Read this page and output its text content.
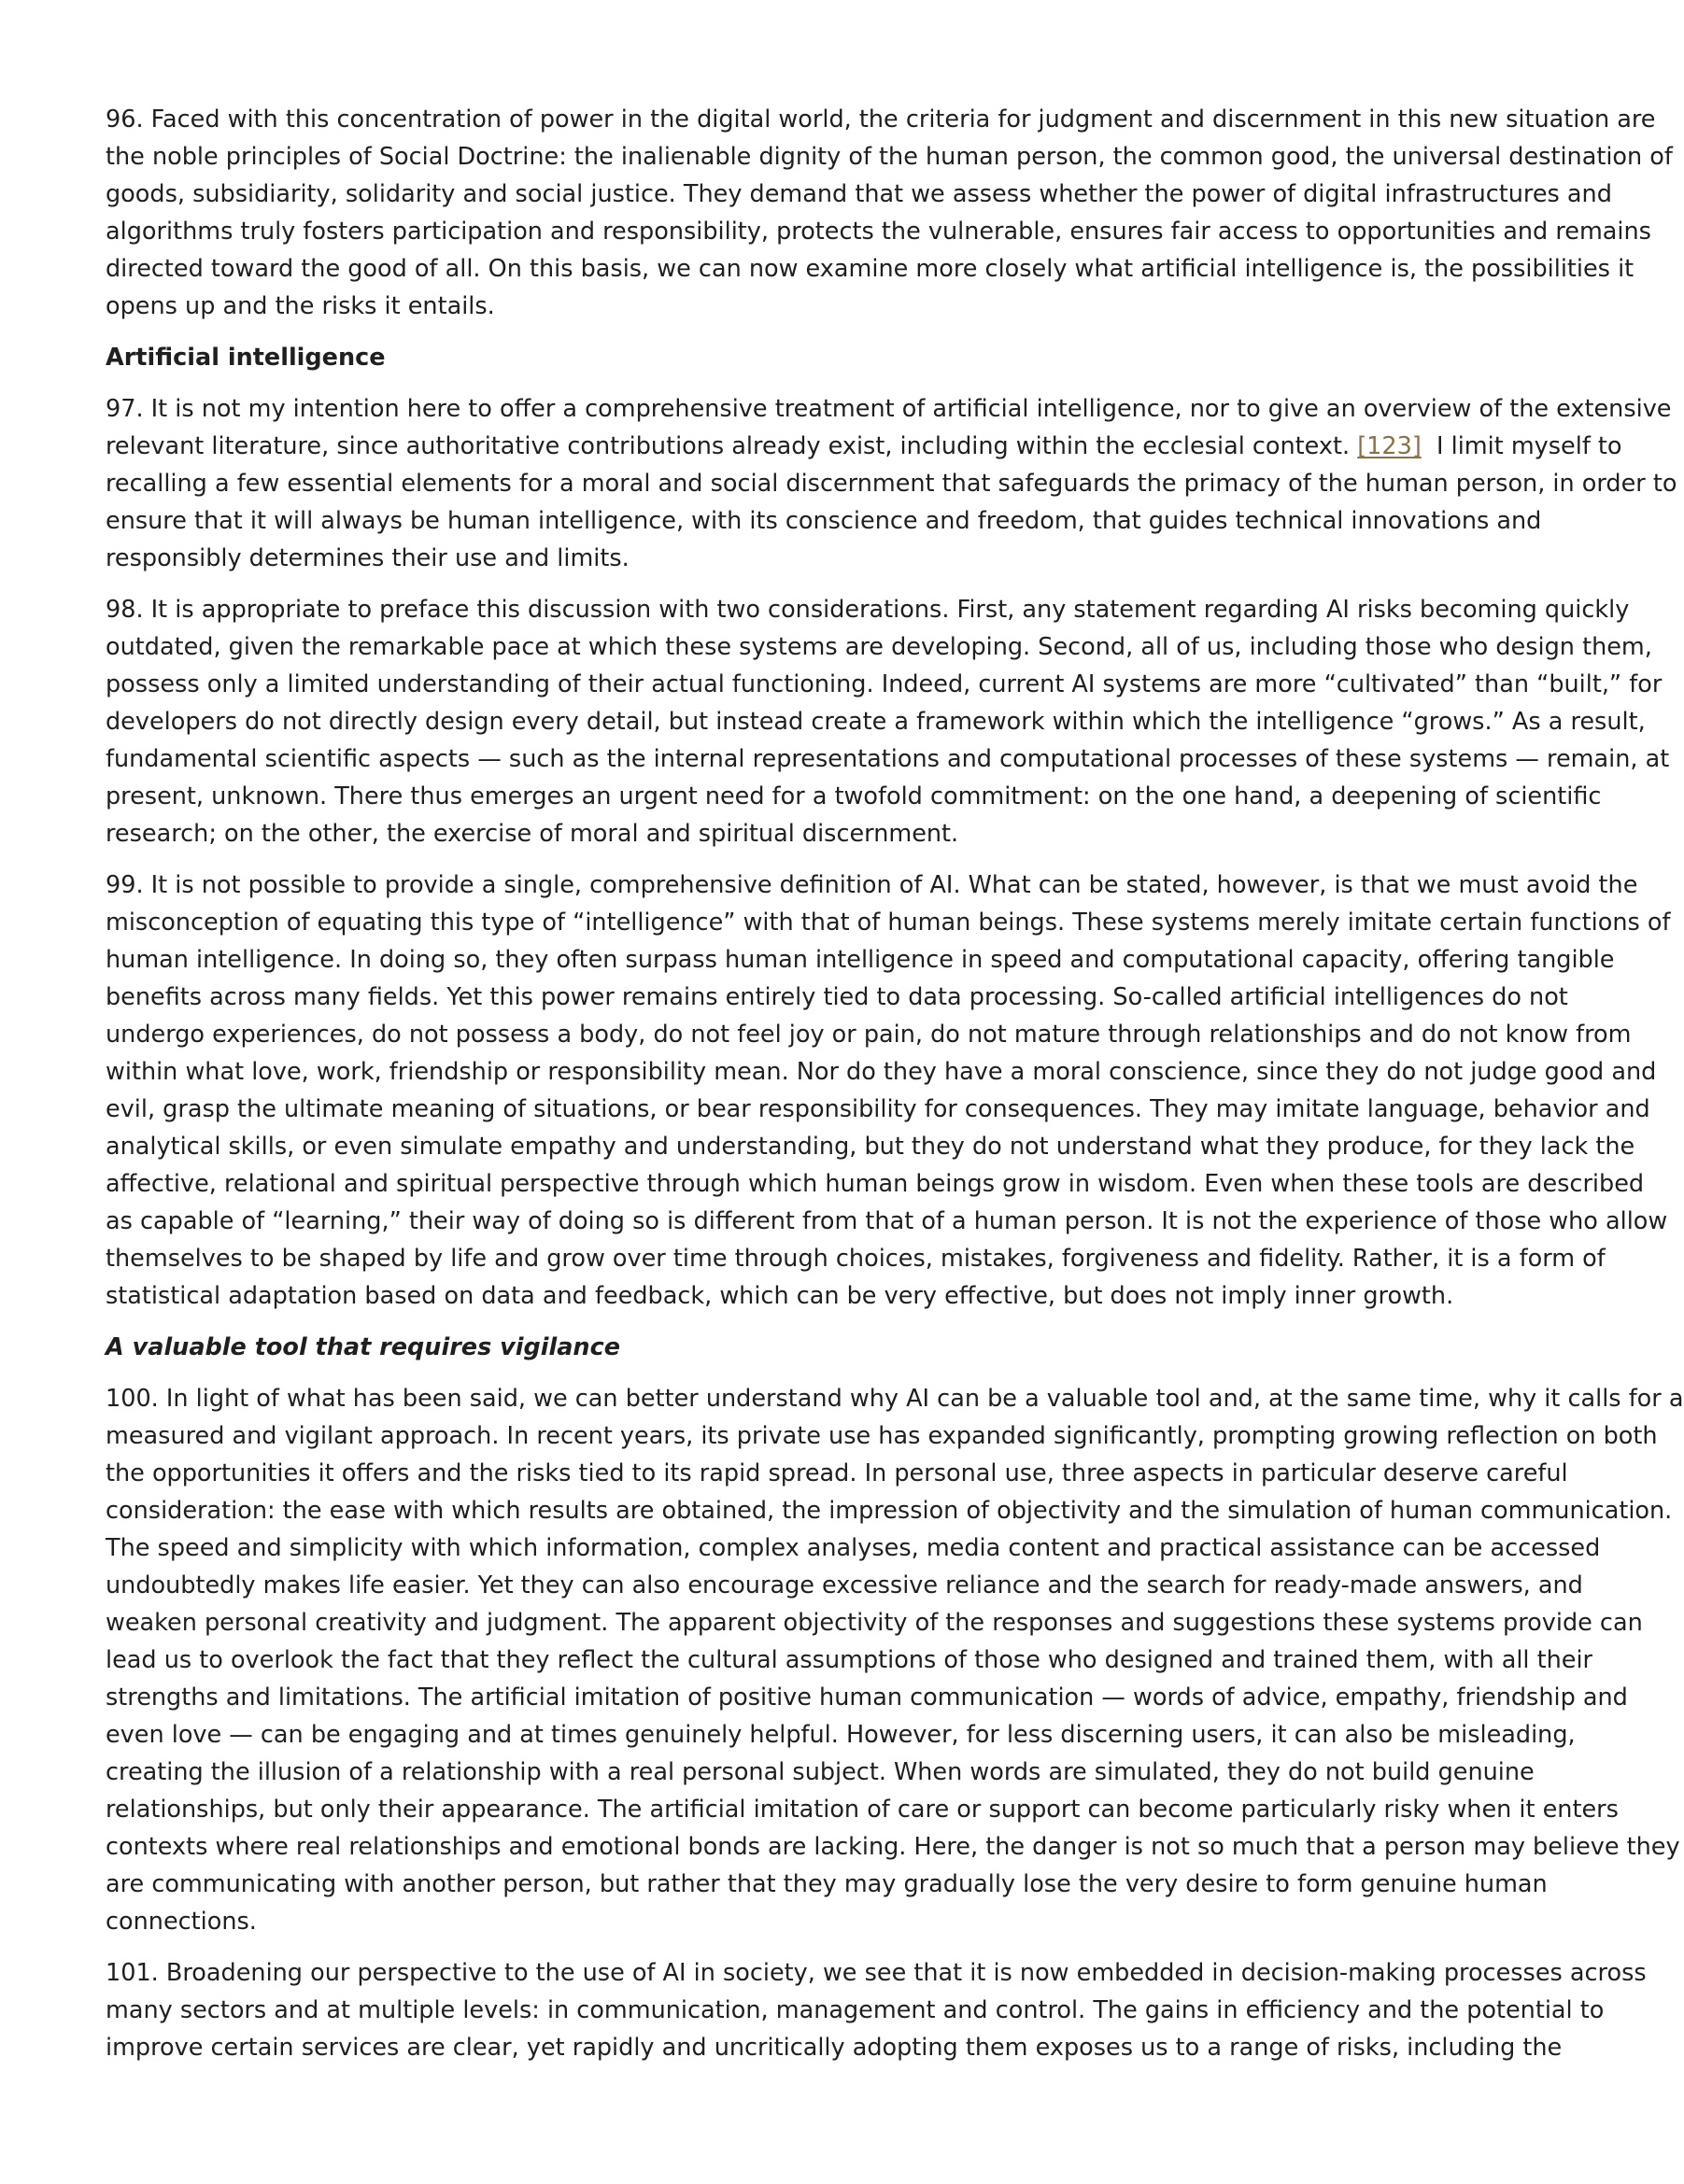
96. Faced with this concentration of power in the digital world, the criteria for judgment and discernment in this new situation are
the noble principles of Social Doctrine: the inalienable dignity of the human person, the common good, the universal destination of
goods, subsidiarity, solidarity and social justice. They demand that we assess whether the power of digital infrastructures and
algorithms truly fosters participation and responsibility, protects the vulnerable, ensures fair access to opportunities and remains
directed toward the good of all. On this basis, we can now examine more closely what artificial intelligence is, the possibilities it
opens up and the risks it entails.
Artificial intelligence
97. It is not my intention here to offer a comprehensive treatment of artificial intelligence, nor to give an overview of the extensive
relevant literature, since authoritative contributions already exist, including within the ecclesial context. [123]  I limit myself to
recalling a few essential elements for a moral and social discernment that safeguards the primacy of the human person, in order to
ensure that it will always be human intelligence, with its conscience and freedom, that guides technical innovations and
responsibly determines their use and limits.
98. It is appropriate to preface this discussion with two considerations. First, any statement regarding AI risks becoming quickly
outdated, given the remarkable pace at which these systems are developing. Second, all of us, including those who design them,
possess only a limited understanding of their actual functioning. Indeed, current AI systems are more “cultivated” than “built,” for
developers do not directly design every detail, but instead create a framework within which the intelligence “grows.” As a result,
fundamental scientific aspects — such as the internal representations and computational processes of these systems — remain, at
present, unknown. There thus emerges an urgent need for a twofold commitment: on the one hand, a deepening of scientific
research; on the other, the exercise of moral and spiritual discernment.
99. It is not possible to provide a single, comprehensive definition of AI. What can be stated, however, is that we must avoid the
misconception of equating this type of “intelligence” with that of human beings. These systems merely imitate certain functions of
human intelligence. In doing so, they often surpass human intelligence in speed and computational capacity, offering tangible
benefits across many fields. Yet this power remains entirely tied to data processing. So-called artificial intelligences do not
undergo experiences, do not possess a body, do not feel joy or pain, do not mature through relationships and do not know from
within what love, work, friendship or responsibility mean. Nor do they have a moral conscience, since they do not judge good and
evil, grasp the ultimate meaning of situations, or bear responsibility for consequences. They may imitate language, behavior and
analytical skills, or even simulate empathy and understanding, but they do not understand what they produce, for they lack the
affective, relational and spiritual perspective through which human beings grow in wisdom. Even when these tools are described
as capable of “learning,” their way of doing so is different from that of a human person. It is not the experience of those who allow
themselves to be shaped by life and grow over time through choices, mistakes, forgiveness and fidelity. Rather, it is a form of
statistical adaptation based on data and feedback, which can be very effective, but does not imply inner growth.
A valuable tool that requires vigilance
100. In light of what has been said, we can better understand why AI can be a valuable tool and, at the same time, why it calls for a
measured and vigilant approach. In recent years, its private use has expanded significantly, prompting growing reflection on both
the opportunities it offers and the risks tied to its rapid spread. In personal use, three aspects in particular deserve careful
consideration: the ease with which results are obtained, the impression of objectivity and the simulation of human communication.
The speed and simplicity with which information, complex analyses, media content and practical assistance can be accessed
undoubtedly makes life easier. Yet they can also encourage excessive reliance and the search for ready-made answers, and
weaken personal creativity and judgment. The apparent objectivity of the responses and suggestions these systems provide can
lead us to overlook the fact that they reflect the cultural assumptions of those who designed and trained them, with all their
strengths and limitations. The artificial imitation of positive human communication — words of advice, empathy, friendship and
even love — can be engaging and at times genuinely helpful. However, for less discerning users, it can also be misleading,
creating the illusion of a relationship with a real personal subject. When words are simulated, they do not build genuine
relationships, but only their appearance. The artificial imitation of care or support can become particularly risky when it enters
contexts where real relationships and emotional bonds are lacking. Here, the danger is not so much that a person may believe they
are communicating with another person, but rather that they may gradually lose the very desire to form genuine human
connections.
101. Broadening our perspective to the use of AI in society, we see that it is now embedded in decision-making processes across
many sectors and at multiple levels: in communication, management and control. The gains in efficiency and the potential to
improve certain services are clear, yet rapidly and uncritically adopting them exposes us to a range of risks, including the
